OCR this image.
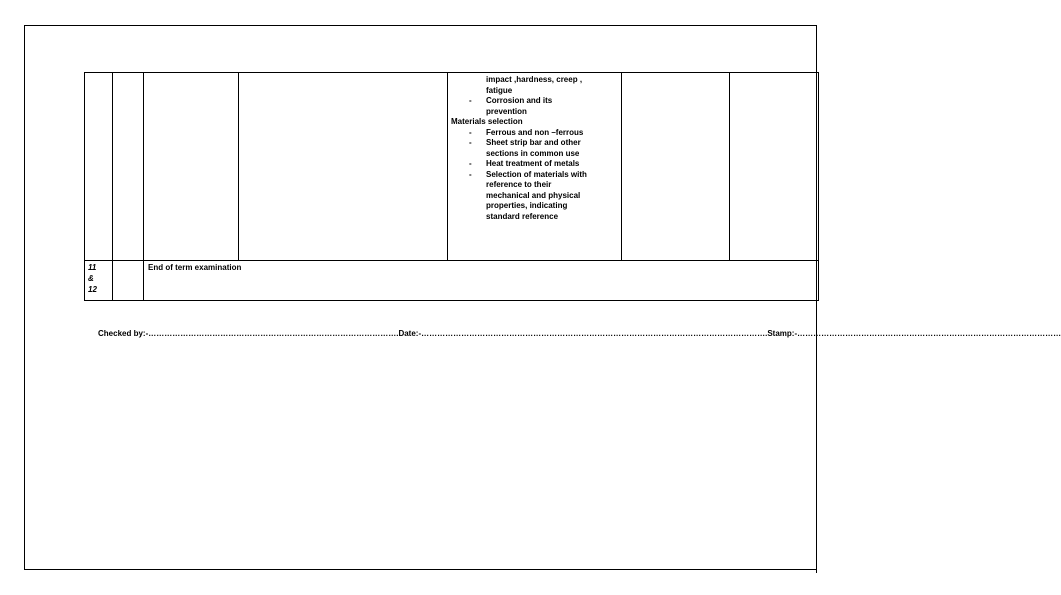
impact ,hardness, creep ,
fatigue
Corrosion and its
-
prevention
Materials selection
Ferrous and non –ferrous
-
Sheet strip bar and other
-
sections in common use
Heat treatment of metals
-
Selection of materials with
-
reference to their
mechanical and physical
properties, indicating
standard reference
11
&
12
End of term examination
Checked by:-………………………………………………………………………………….Date:-………………………………………………………………………………………………………………….Stamp:-………………………………………………………………………………………
